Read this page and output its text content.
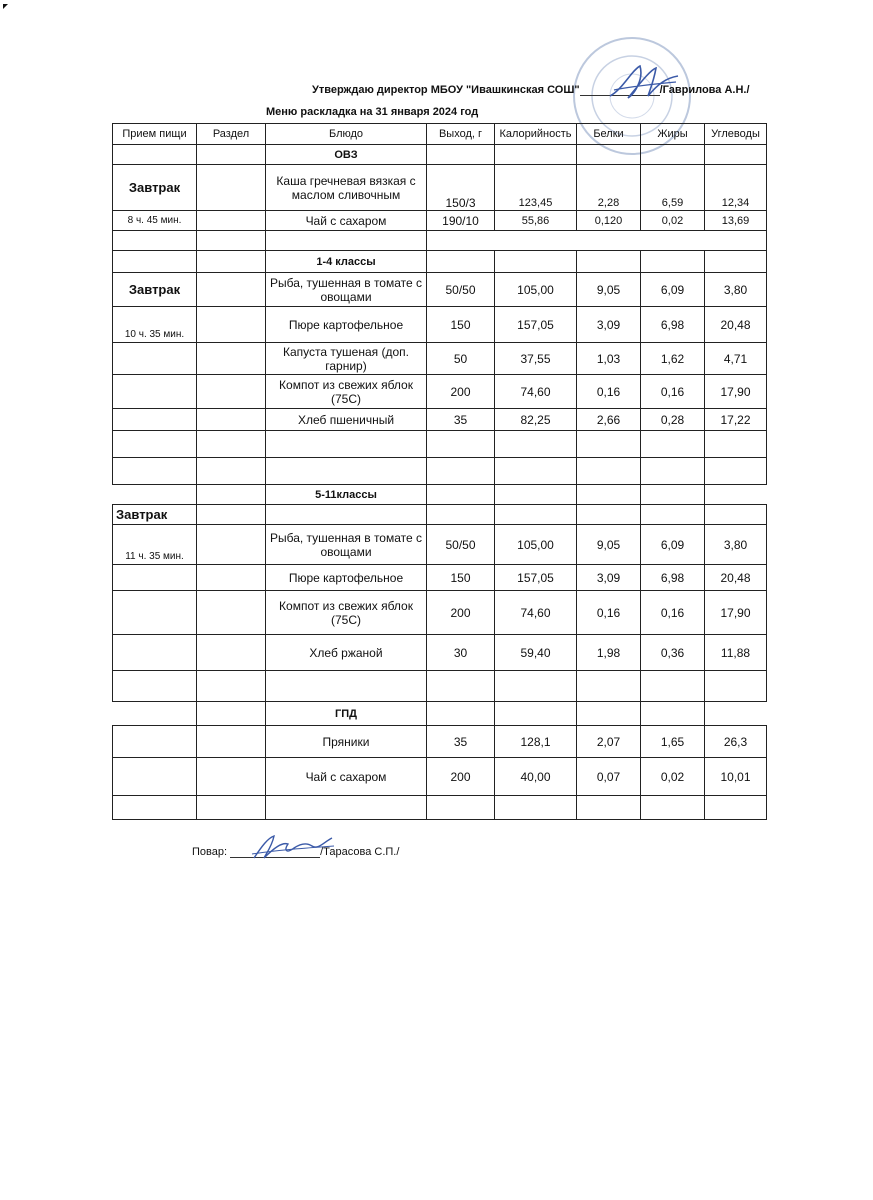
Утверждаю директор МБОУ "Ивашкинская СОШ"	/Гаврилова А.Н./
Меню раскладка на 31 января 2024 год
Прием пищи	Раздел	Блюдо	Выход, г	Калорийность	Белки	Жиры	Углеводы
		ОВЗ					
Завтрак		Каша гречневая вязкая с маслом сливочным	150/3	123,45	2,28	6,59	12,34
8 ч. 45 мин.		Чай с сахаром	190/10	55,86	0,120	0,02	13,69

		1-4 классы					
Завтрак		Рыба, тушенная в томате с овощами	50/50	105,00	9,05	6,09	3,80
10 ч. 35 мин.		Пюре картофельное	150	157,05	3,09	6,98	20,48
		Капуста тушеная (доп. гарнир)	50	37,55	1,03	1,62	4,71
		Компот из свежих яблок (75С)	200	74,60	0,16	0,16	17,90
		Хлеб пшеничный	35	82,25	2,66	0,28	17,22

		5-11классы					
Завтрак							
11 ч. 35 мин.		Рыба, тушенная в томате с овощами	50/50	105,00	9,05	6,09	3,80
		Пюре картофельное	150	157,05	3,09	6,98	20,48
		Компот из свежих яблок (75С)	200	74,60	0,16	0,16	17,90
		Хлеб ржаной	30	59,40	1,98	0,36	11,88

		ГПД					
		Пряники	35	128,1	2,07	1,65	26,3
		Чай с сахаром	200	40,00	0,07	0,02	10,01

Повар:	/Тарасова С.П./
